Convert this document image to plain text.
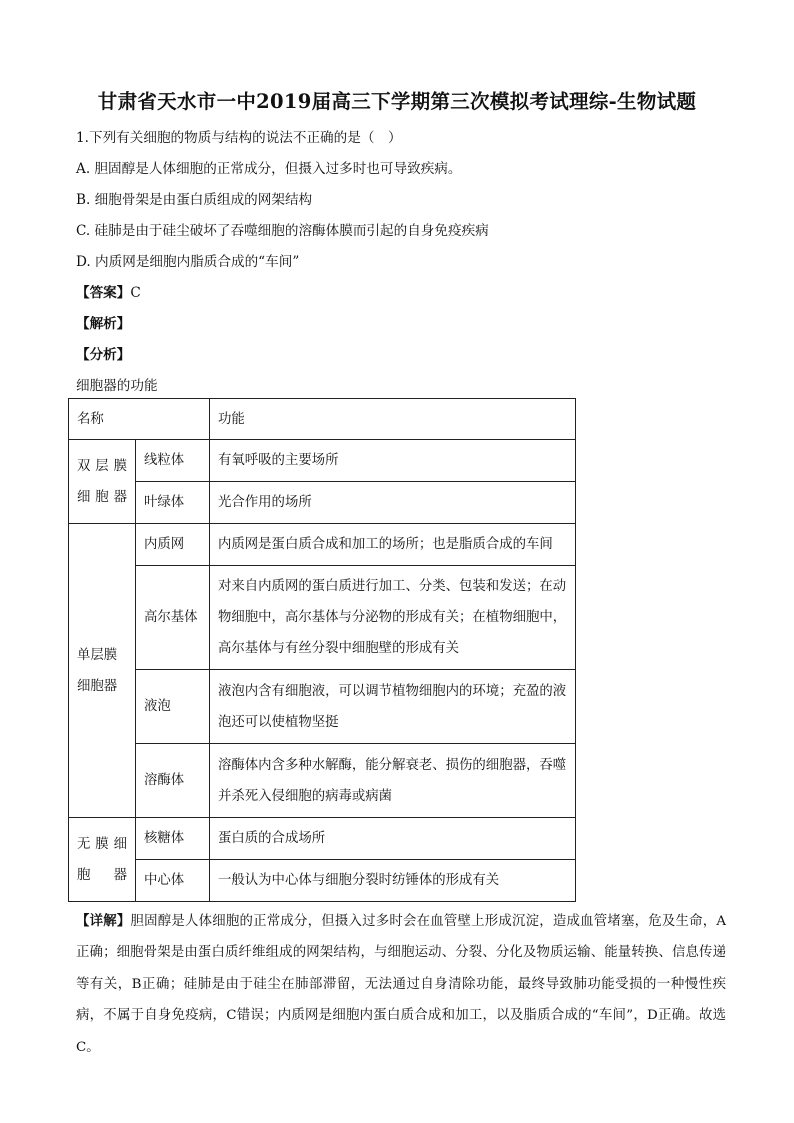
甘肃省天水市一中2019届高三下学期第三次模拟考试理综-生物试题
1.下列有关细胞的物质与结构的说法不正确的是（　）
A. 胆固醇是人体细胞的正常成分，但摄入过多时也可导致疾病。
B. 细胞骨架是由蛋白质组成的网架结构
C. 硅肺是由于硅尘破坏了吞噬细胞的溶酶体膜而引起的自身免疫疾病
D. 内质网是细胞内脂质合成的“车间”
【答案】C
【解析】
【分析】
细胞器的功能
名称		功能
双层膜细胞器	线粒体	有氧呼吸的主要场所
	叶绿体	光合作用的场所
单层膜细胞器	内质网	内质网是蛋白质合成和加工的场所；也是脂质合成的车间
	高尔基体	对来自内质网的蛋白质进行加工、分类、包装和发送；在动物细胞中，高尔基体与分泌物的形成有关；在植物细胞中，高尔基体与有丝分裂中细胞壁的形成有关
	液泡	液泡内含有细胞液，可以调节植物细胞内的环境；充盈的液泡还可以使植物坚挺
	溶酶体	溶酶体内含多种水解酶，能分解衰老、损伤的细胞器，吞噬并杀死入侵细胞的病毒或病菌
无膜细胞器	核糖体	蛋白质的合成场所
	中心体	一般认为中心体与细胞分裂时纺锤体的形成有关
【详解】胆固醇是人体细胞的正常成分，但摄入过多时会在血管壁上形成沉淀，造成血管堵塞，危及生命，A正确；细胞骨架是由蛋白质纤维组成的网架结构，与细胞运动、分裂、分化及物质运输、能量转换、信息传递等有关，B正确；硅肺是由于硅尘在肺部滞留，无法通过自身清除功能，最终导致肺功能受损的一种慢性疾病，不属于自身免疫病，C错误；内质网是细胞内蛋白质合成和加工，以及脂质合成的“车间”，D正确。故选C。
